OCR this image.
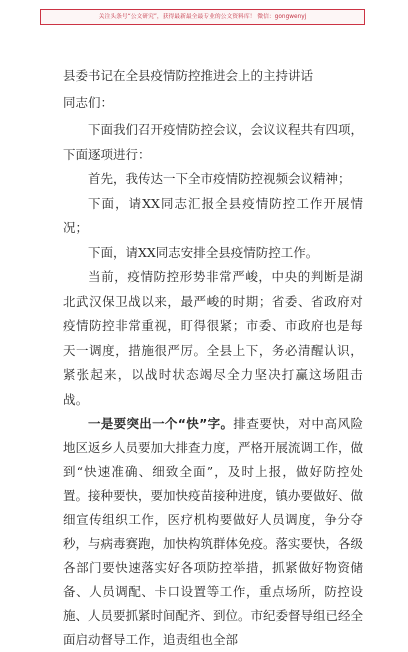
关注头条号“公文研究”，获得最新最全最专业的公文资料库！ 微信：gongwenyj

县委书记在全县疫情防控推进会上的主持讲话

同志们：

下面我们召开疫情防控会议，会议议程共有四项，下面逐项进行：

首先，我传达一下全市疫情防控视频会议精神；

下面，请XX同志汇报全县疫情防控工作开展情况；

下面，请XX同志安排全县疫情防控工作。

当前，疫情防控形势非常严峻，中央的判断是湖北武汉保卫战以来，最严峻的时期；省委、省政府对疫情防控非常重视，盯得很紧；市委、市政府也是每天一调度，措施很严厉。全县上下，务必清醒认识，紧张起来，以战时状态竭尽全力坚决打赢这场阻击战。

一是要突出一个“快”字。排查要快，对中高风险地区返乡人员要加大排查力度，严格开展流调工作，做到“快速准确、细致全面”，及时上报，做好防控处置。接种要快，要加快疫苗接种进度，镇办要做好、做细宣传组织工作，医疗机构要做好人员调度，争分夺秒，与病毒赛跑，加快构筑群体免疫。落实要快，各级各部门要快速落实好各项防控举措，抓紧做好物资储备、人员调配、卡口设置等工作，重点场所，防控设施、人员要抓紧时间配齐、到位。市纪委督导组已经全面启动督导工作，追责组也全部
